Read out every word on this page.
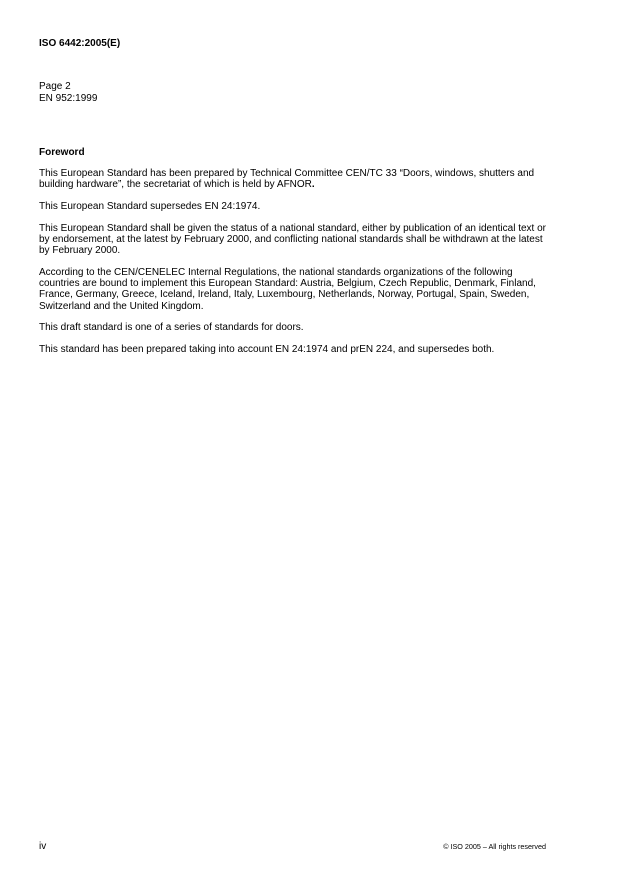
ISO 6442:2005(E)
Page 2
EN 952:1999
Foreword

This European Standard has been prepared by Technical Committee CEN/TC 33 “Doors, windows, shutters and building hardware”, the secretariat of which is held by AFNOR.

This European Standard supersedes EN 24:1974.

This European Standard shall be given the status of a national standard, either by publication of an identical text or by endorsement, at the latest by February 2000, and conflicting national standards shall be withdrawn at the latest by February 2000.

According to the CEN/CENELEC Internal Regulations, the national standards organizations of the following countries are bound to implement this European Standard: Austria, Belgium, Czech Republic, Denmark, Finland, France, Germany, Greece, Iceland, Ireland, Italy, Luxembourg, Netherlands, Norway, Portugal, Spain, Sweden, Switzerland and the United Kingdom.

This draft standard is one of a series of standards for doors.

This standard has been prepared taking into account EN 24:1974 and prEN 224, and supersedes both.

iv	© ISO 2005 – All rights reserved
